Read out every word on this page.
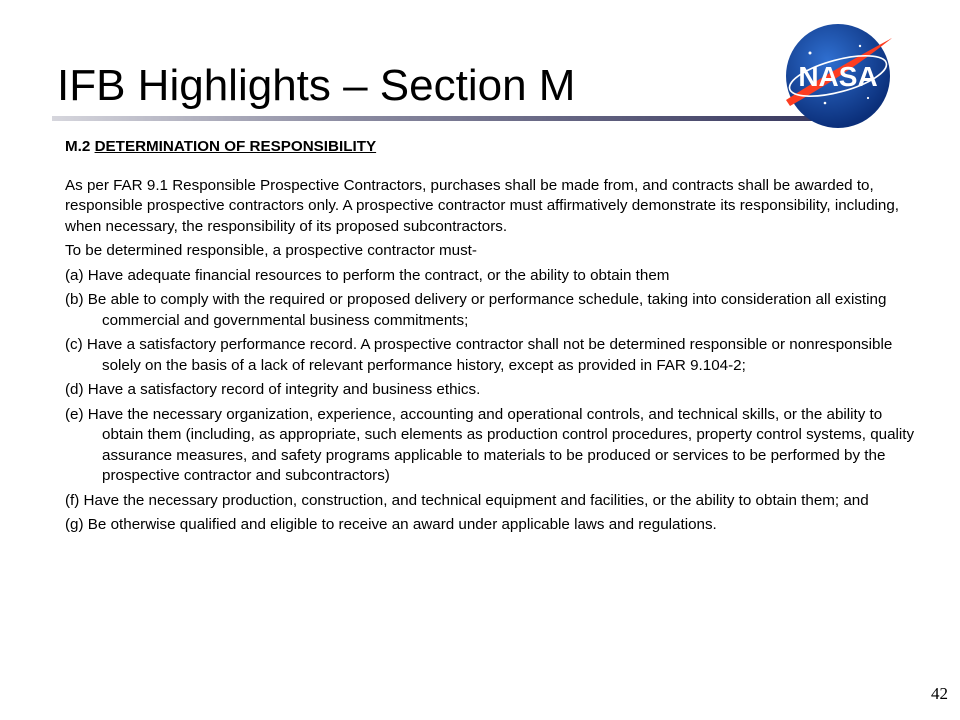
IFB Highlights – Section M	NASA

M.2 DETERMINATION OF RESPONSIBILITY

As per FAR 9.1 Responsible Prospective Contractors, purchases shall be made from, and contracts shall be awarded to, responsible prospective contractors only. A prospective contractor must affirmatively demonstrate its responsibility, including, when necessary, the responsibility of its proposed subcontractors.

To be determined responsible, a prospective contractor must-

(a) Have adequate financial resources to perform the contract, or the ability to obtain them

(b) Be able to comply with the required or proposed delivery or performance schedule, taking into consideration all existing commercial and governmental business commitments;

(c) Have a satisfactory performance record. A prospective contractor shall not be determined responsible or nonresponsible solely on the basis of a lack of relevant performance history, except as provided in FAR 9.104-2;

(d) Have a satisfactory record of integrity and business ethics.

(e) Have the necessary organization, experience, accounting and operational controls, and technical skills, or the ability to obtain them (including, as appropriate, such elements as production control procedures, property control systems, quality assurance measures, and safety programs applicable to materials to be produced or services to be performed by the prospective contractor and subcontractors)

(f) Have the necessary production, construction, and technical equipment and facilities, or the ability to obtain them; and

(g) Be otherwise qualified and eligible to receive an award under applicable laws and regulations.

42
